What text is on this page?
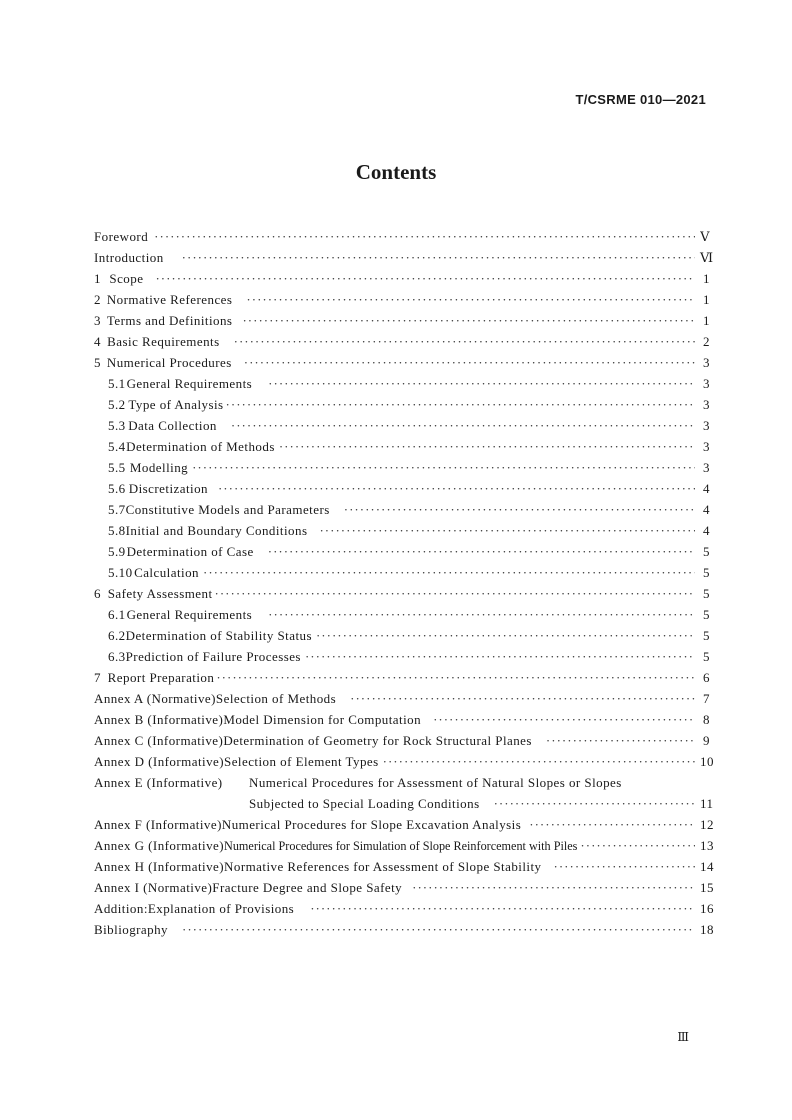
T/CSRME 010—2021
Contents
Foreword ·····	Ⅴ
Introduction ·····	Ⅵ
1 Scope ·····	1
2 Normative References ·····	1
3 Terms and Definitions ·····	1
4 Basic Requirements ·····	2
5 Numerical Procedures ·····	3
5.1 General Requirements ·····	3
5.2 Type of Analysis ·····	3
5.3 Data Collection ·····	3
5.4 Determination of Methods ·····	3
5.5 Modelling ·····	3
5.6 Discretization ·····	4
5.7 Constitutive Models and Parameters ·····	4
5.8 Initial and Boundary Conditions ·····	4
5.9 Determination of Case ·····	5
5.10 Calculation ·····	5
6 Safety Assessment ·····	5
6.1 General Requirements ·····	5
6.2 Determination of Stability Status ·····	5
6.3 Prediction of Failure Processes ·····	5
7 Report Preparation ·····	6
Annex A (Normative) Selection of Methods ·····	7
Annex B (Informative) Model Dimension for Computation ·····	8
Annex C (Informative) Determination of Geometry for Rock Structural Planes ·····	9
Annex D (Informative) Selection of Element Types ·····	10
Annex E (Informative)	Numerical Procedures for Assessment of Natural Slopes or Slopes
Subjected to Special Loading Conditions ·····	11
Annex F (Informative) Numerical Procedures for Slope Excavation Analysis ·····	12
Annex G (Informative) Numerical Procedures for Simulation of Slope Reinforcement with Piles ·····	13
Annex H (Informative) Normative References for Assessment of Slope Stability ·····	14
Annex I (Normative) Fracture Degree and Slope Safety ·····	15
Addition:Explanation of Provisions ·····	16
Bibliography ·····	18
Ⅲ
